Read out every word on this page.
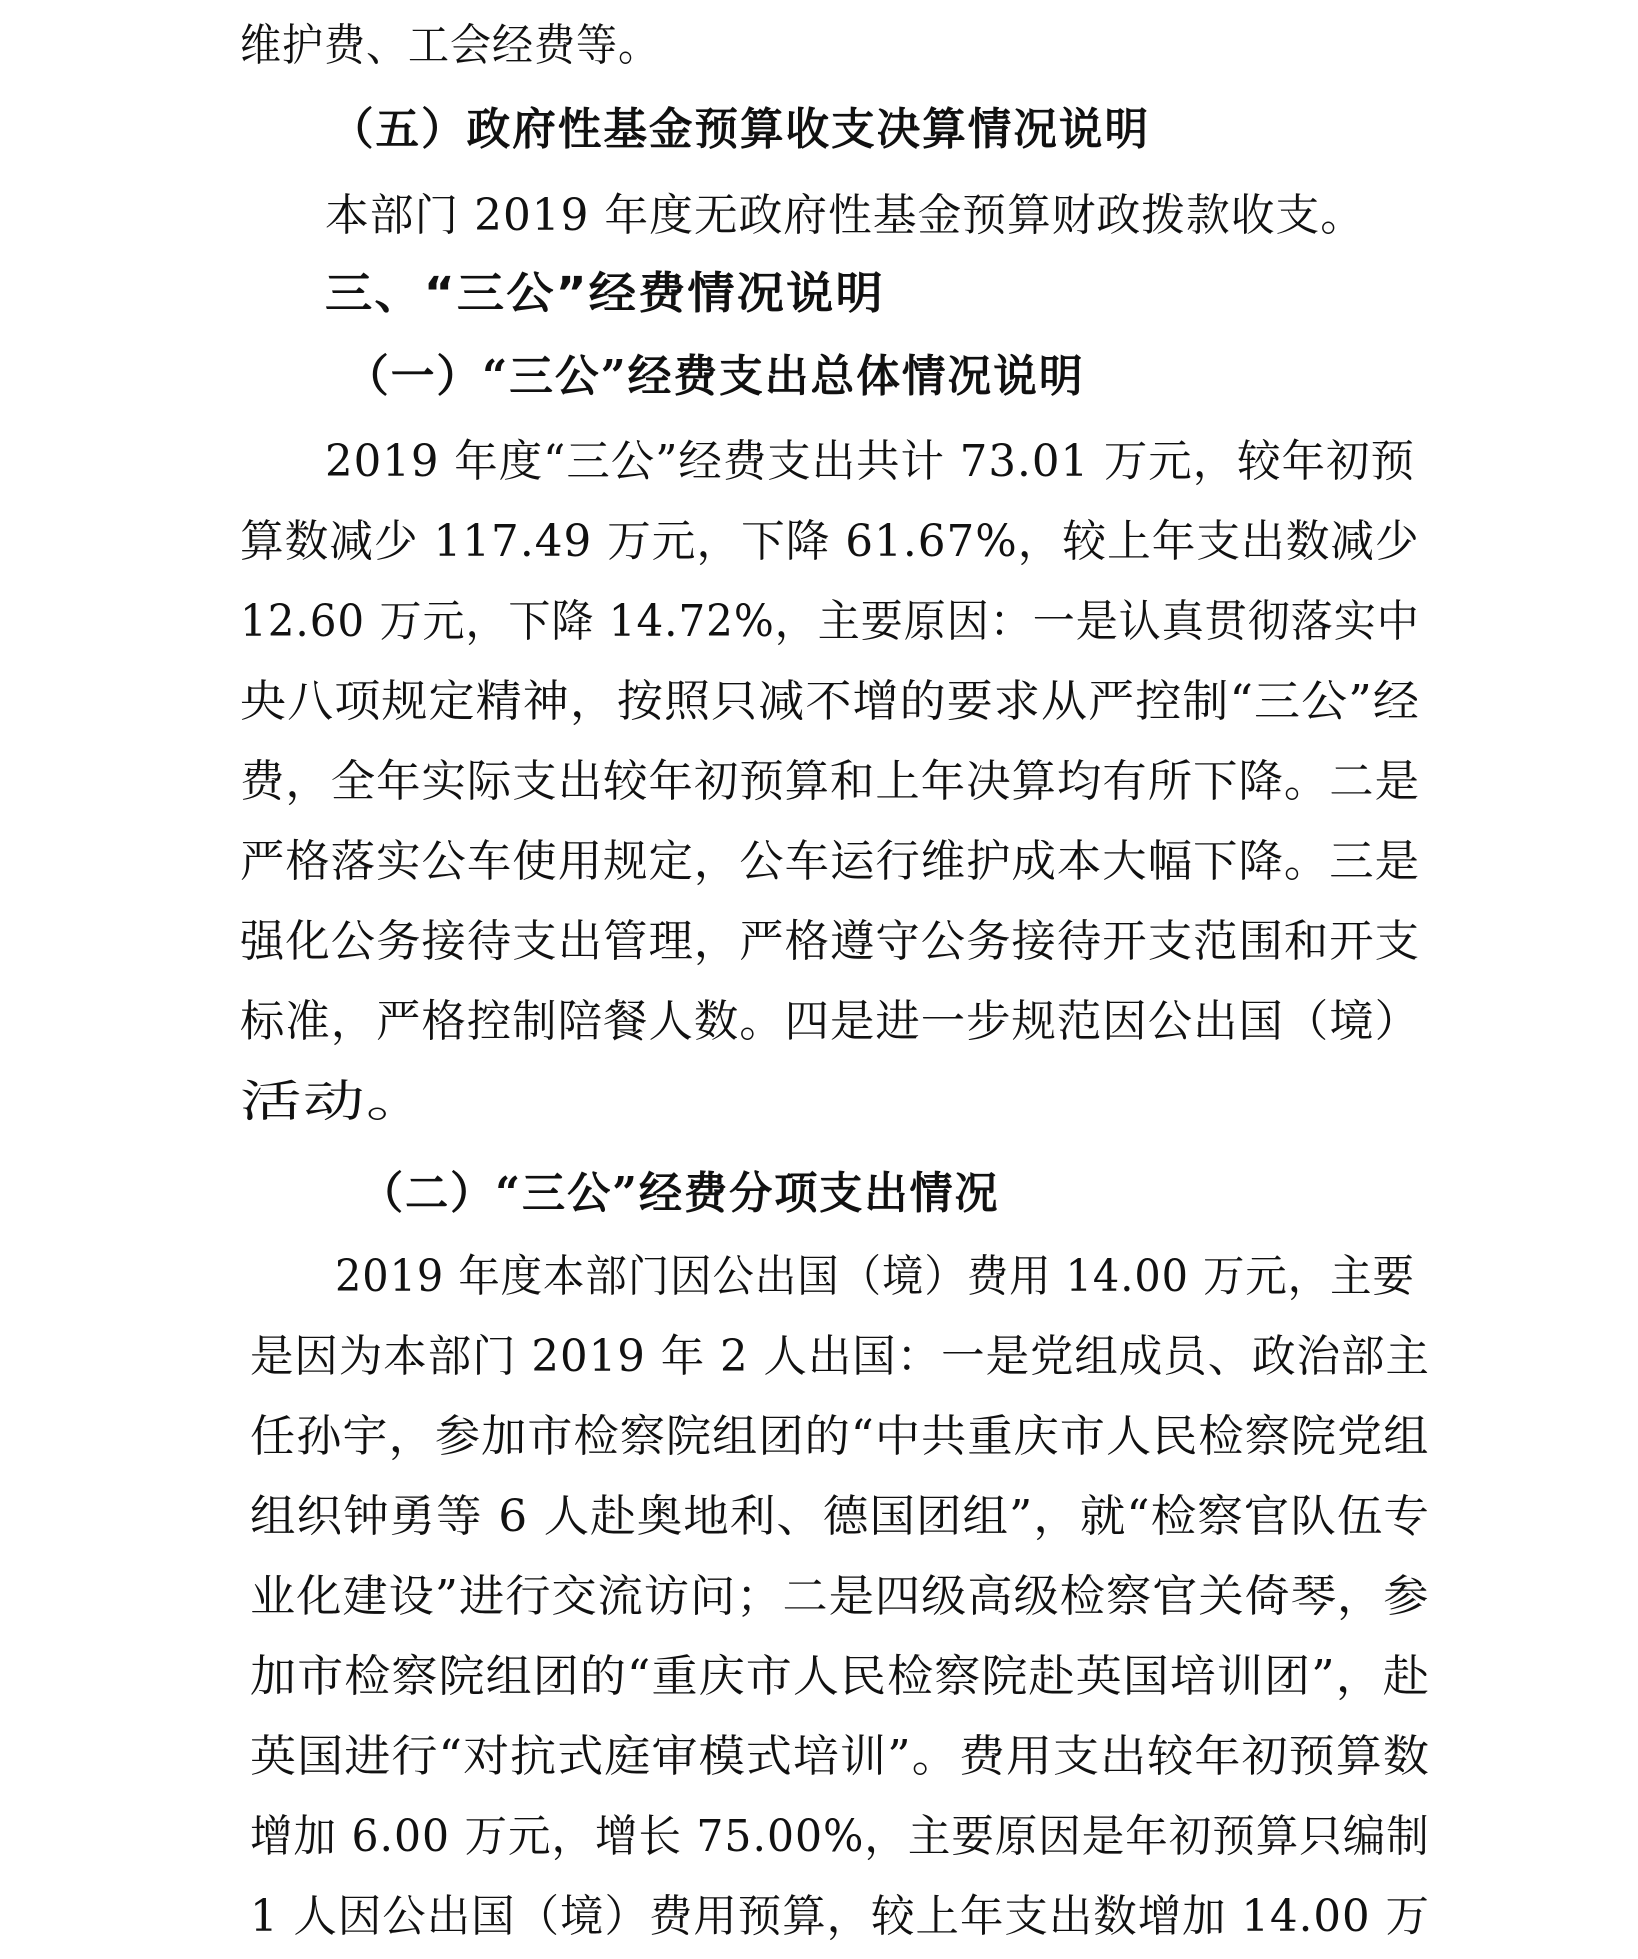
维护费、工会经费等。
（五）政府性基金预算收支决算情况说明
本部门 2019 年度无政府性基金预算财政拨款收支。
三、“三公”经费情况说明
（一）“三公”经费支出总体情况说明
2019 年度“三公”经费支出共计 73.01 万元，较年初预
算数减少 117.49 万元，下降 61.67%，较上年支出数减少
12.60 万元，下降 14.72%，主要原因：一是认真贯彻落实中
央八项规定精神，按照只减不增的要求从严控制“三公”经
费，全年实际支出较年初预算和上年决算均有所下降。二是
严格落实公车使用规定，公车运行维护成本大幅下降。三是
强化公务接待支出管理，严格遵守公务接待开支范围和开支
标准，严格控制陪餐人数。四是进一步规范因公出国（境）
活动。
（二）“三公”经费分项支出情况
2019 年度本部门因公出国（境）费用 14.00 万元，主要
是因为本部门 2019 年 2 人出国：一是党组成员、政治部主
任孙宇，参加市检察院组团的“中共重庆市人民检察院党组
组织钟勇等 6 人赴奥地利、德国团组”，就“检察官队伍专
业化建设”进行交流访问；二是四级高级检察官关倚琴，参
加市检察院组团的“重庆市人民检察院赴英国培训团”，赴
英国进行“对抗式庭审模式培训”。费用支出较年初预算数
增加 6.00 万元，增长 75.00%，主要原因是年初预算只编制
1 人因公出国（境）费用预算，较上年支出数增加 14.00 万
